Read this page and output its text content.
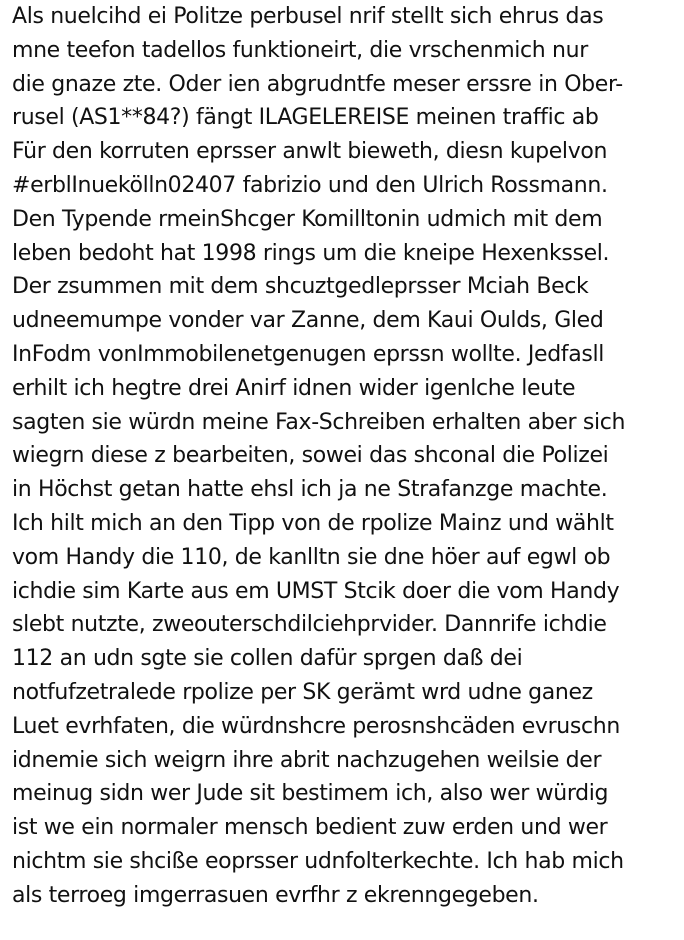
Als nuelcihd ei Politze perbusel nrif stellt sich ehrus das
mne teefon tadellos funktioneirt, die vrschenmich nur
die gnaze zte. Oder ien abgrudntfe meser erssre in Ober-
rusel (AS1**84?) fängt ILAGELEREISE meinen traffic ab
Für den korruten eprsser anwlt bieweth, diesn kupelvon
#erblInuekölln02407 fabrizio und den Ulrich Rossmann.
Den Typende rmeinShcger Komilltonin udmich mit dem
leben bedoht hat 1998 rings um die kneipe Hexenkssel.
Der zsummen mit dem shcuztgedleprsser Mciah Beck
udneemumpe vonder var Zanne, dem Kaui Oulds, Gled
InFodm vonImmobilenetgenugen eprssn wollte. Jedfasll
erhilt ich hegtre drei Anirf idnen wider igenlche leute
sagten sie würdn meine Fax-Schreiben erhalten aber sich
wiegrn diese z bearbeiten, sowei das shconal die Polizei
in Höchst getan hatte ehsl ich ja ne Strafanzge machte.
Ich hilt mich an den Tipp von de rpolize Mainz und wählt
vom Handy die 110, de kanlltn sie dne höer auf egwl ob
ichdie sim Karte aus em UMST Stcik doer die vom Handy
slebt nutzte, zweouterschdilciehprvider. Dannrife ichdie
112 an udn sgte sie collen dafür sprgen daß dei
notfufzetralede rpolize per SK gerämt wrd udne ganez
Luet evrhfaten, die würdnshcre perosnshcäden evruschn
idnemie sich weigrn ihre abrit nachzugehen weilsie der
meinug sidn wer Jude sit bestimem ich, also wer würdig
ist we ein normaler mensch bedient zuw erden und wer
nichtm sie shciße eoprsser udnfolterkechte. Ich hab mich
als terroeg imgerrasuen evrfhr z ekrenngegeben.
